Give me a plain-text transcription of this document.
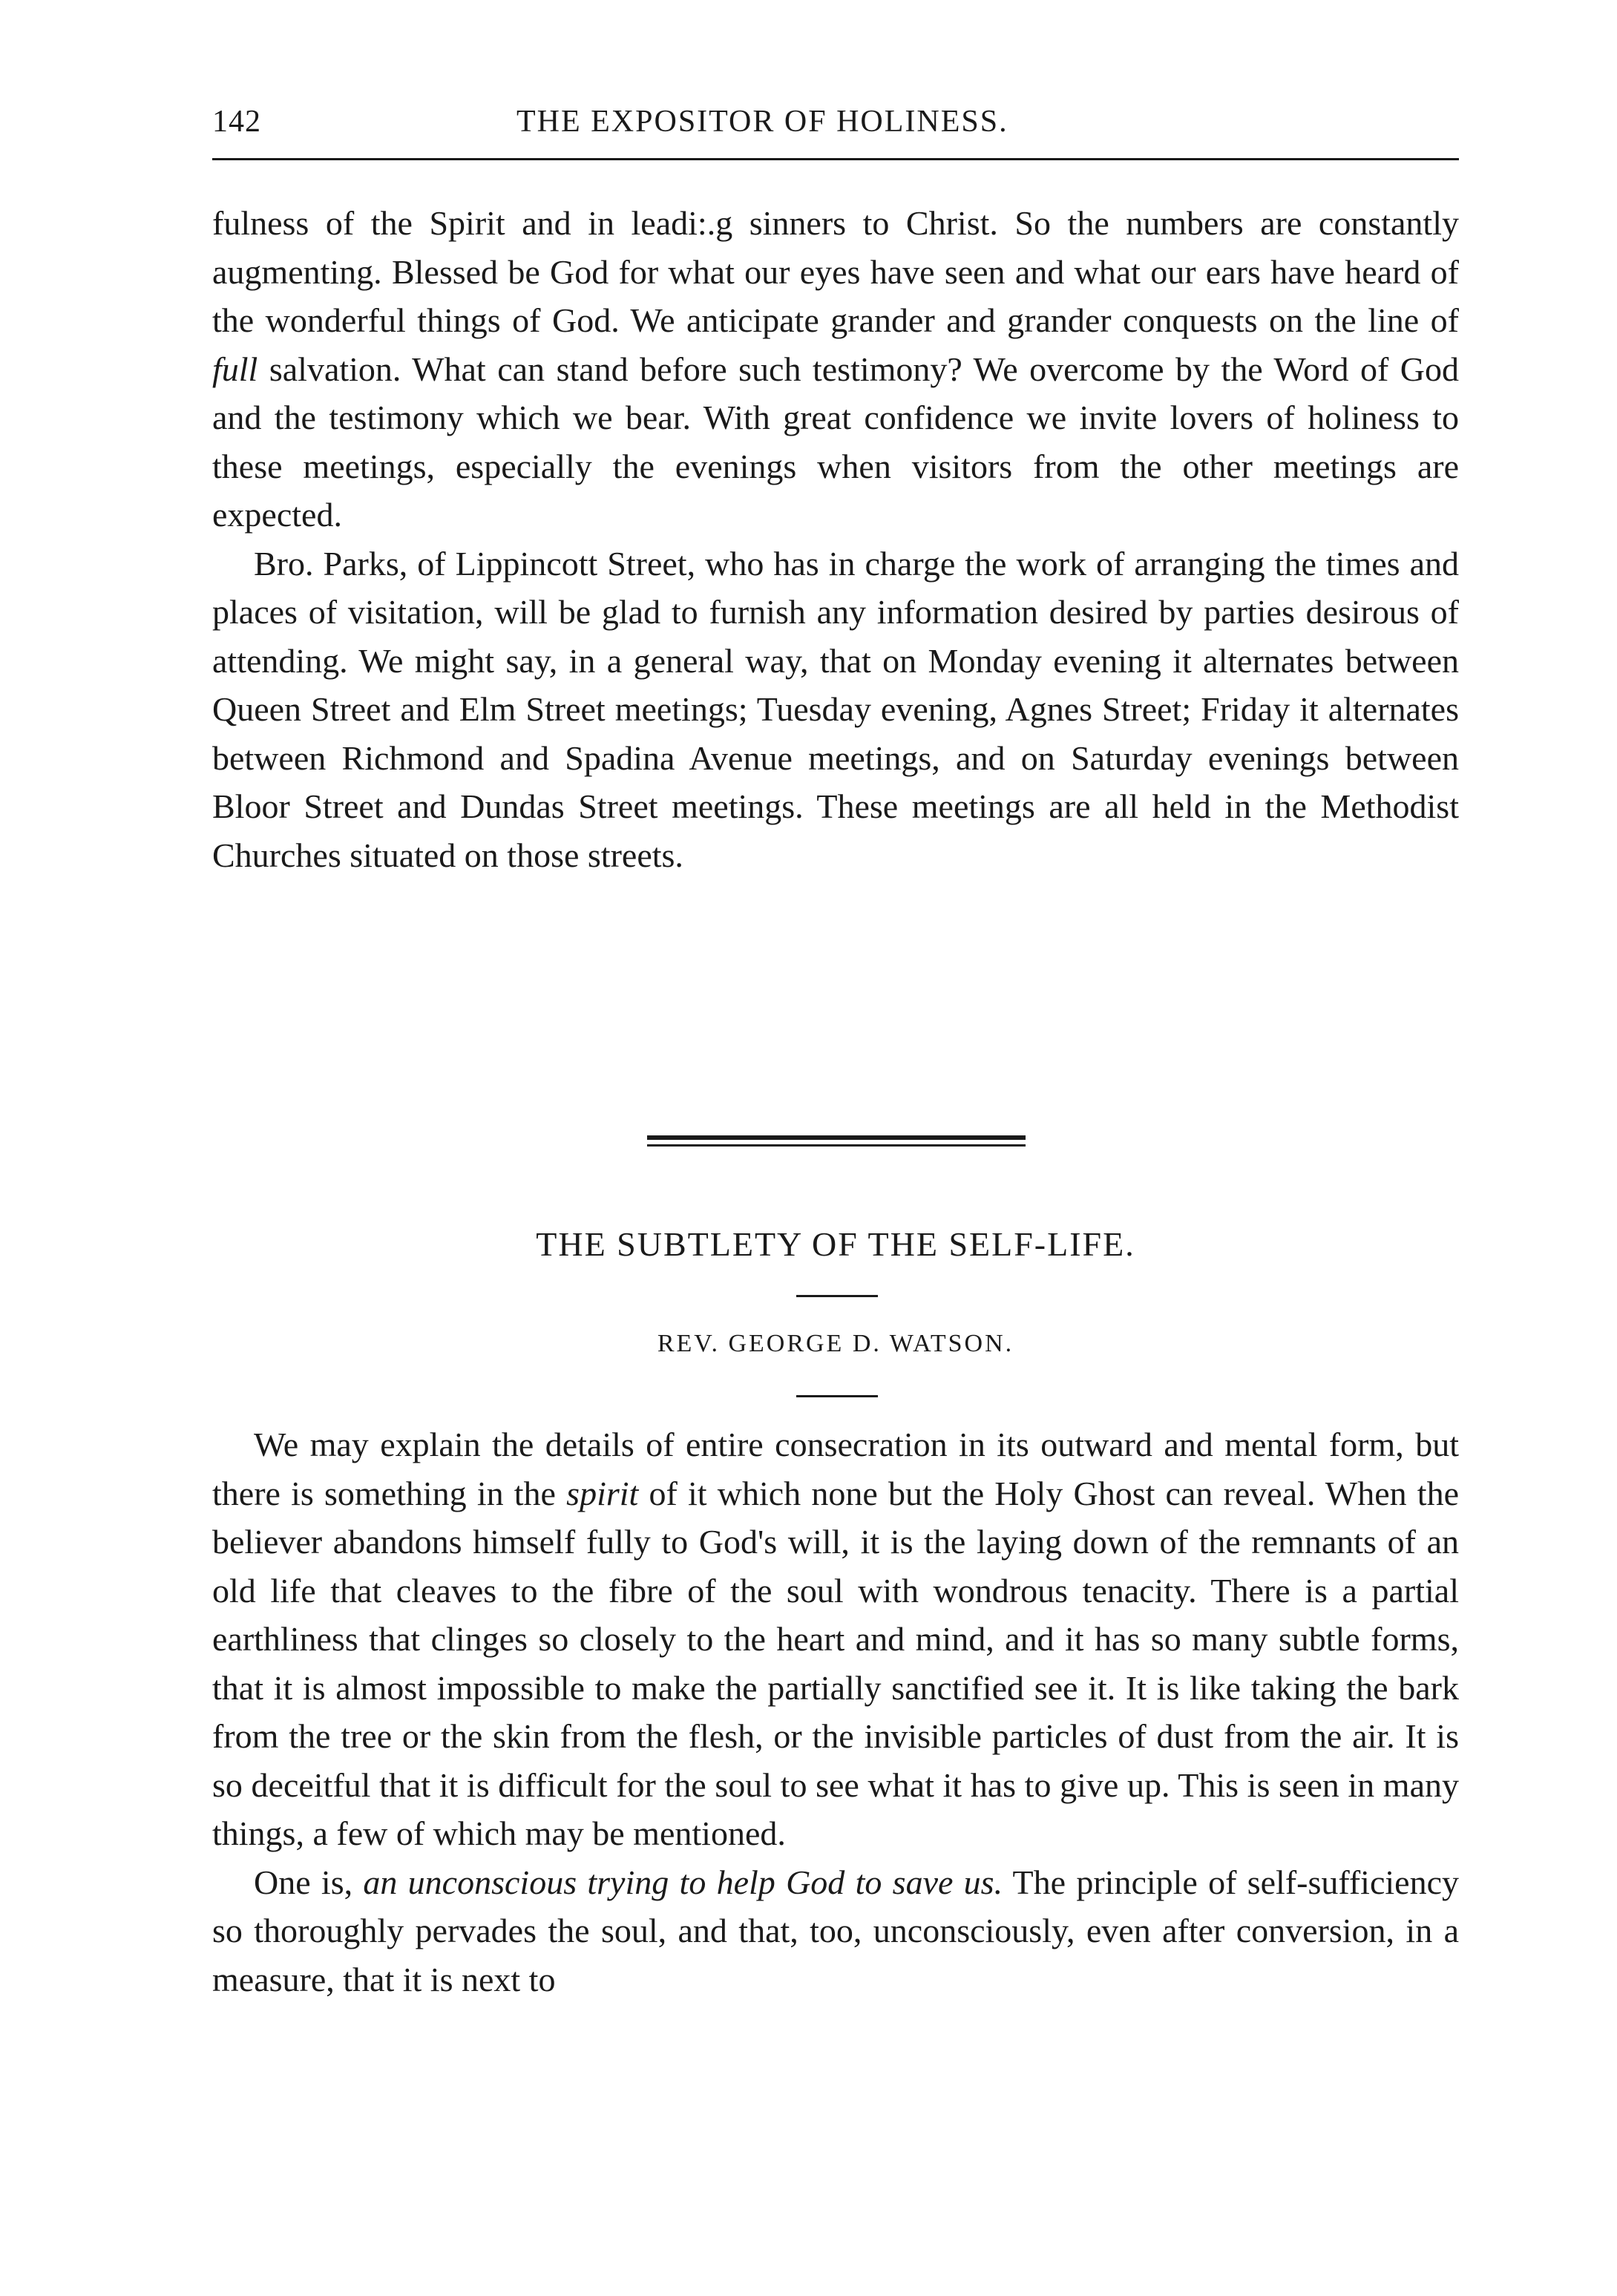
142	THE EXPOSITOR OF HOLINESS.

fulness of the Spirit and in leadi:.g sinners to Christ. So the numbers are constantly augmenting. Blessed be God for what our eyes have seen and what our ears have heard of the wonderful things of God. We anticipate grander and grander conquests on the line of full salvation. What can stand before such testimony? We overcome by the Word of God and the testimony which we bear. With great confidence we invite lovers of holiness to these meetings, especially the evenings when visitors from the other meetings are expected.

Bro. Parks, of Lippincott Street, who has in charge the work of arranging the times and places of visitation, will be glad to furnish any information desired by parties desirous of attending. We might say, in a general way, that on Monday evening it alternates between Queen Street and Elm Street meetings; Tuesday evening, Agnes Street; Friday it alternates between Richmond and Spadina Avenue meetings, and on Saturday evenings between Bloor Street and Dundas Street meetings. These meetings are all held in the Methodist Churches situated on those streets.

THE SUBTLETY OF THE SELF-LIFE.
REV. GEORGE D. WATSON.

We may explain the details of entire consecration in its outward and mental form, but there is something in the spirit of it which none but the Holy Ghost can reveal. When the believer abandons himself fully to God's will, it is the laying down of the remnants of an old life that cleaves to the fibre of the soul with wondrous tenacity. There is a partial earthliness that clinges so closely to the heart and mind, and it has so many subtle forms, that it is almost impossible to make the partially sanctified see it. It is like taking the bark from the tree or the skin from the flesh, or the invisible particles of dust from the air. It is so deceitful that it is difficult for the soul to see what it has to give up. This is seen in many things, a few of which may be mentioned.

One is, an unconscious trying to help God to save us. The principle of self-sufficiency so thoroughly pervades the soul, and that, too, unconsciously, even after conversion, in a measure, that it is next to
